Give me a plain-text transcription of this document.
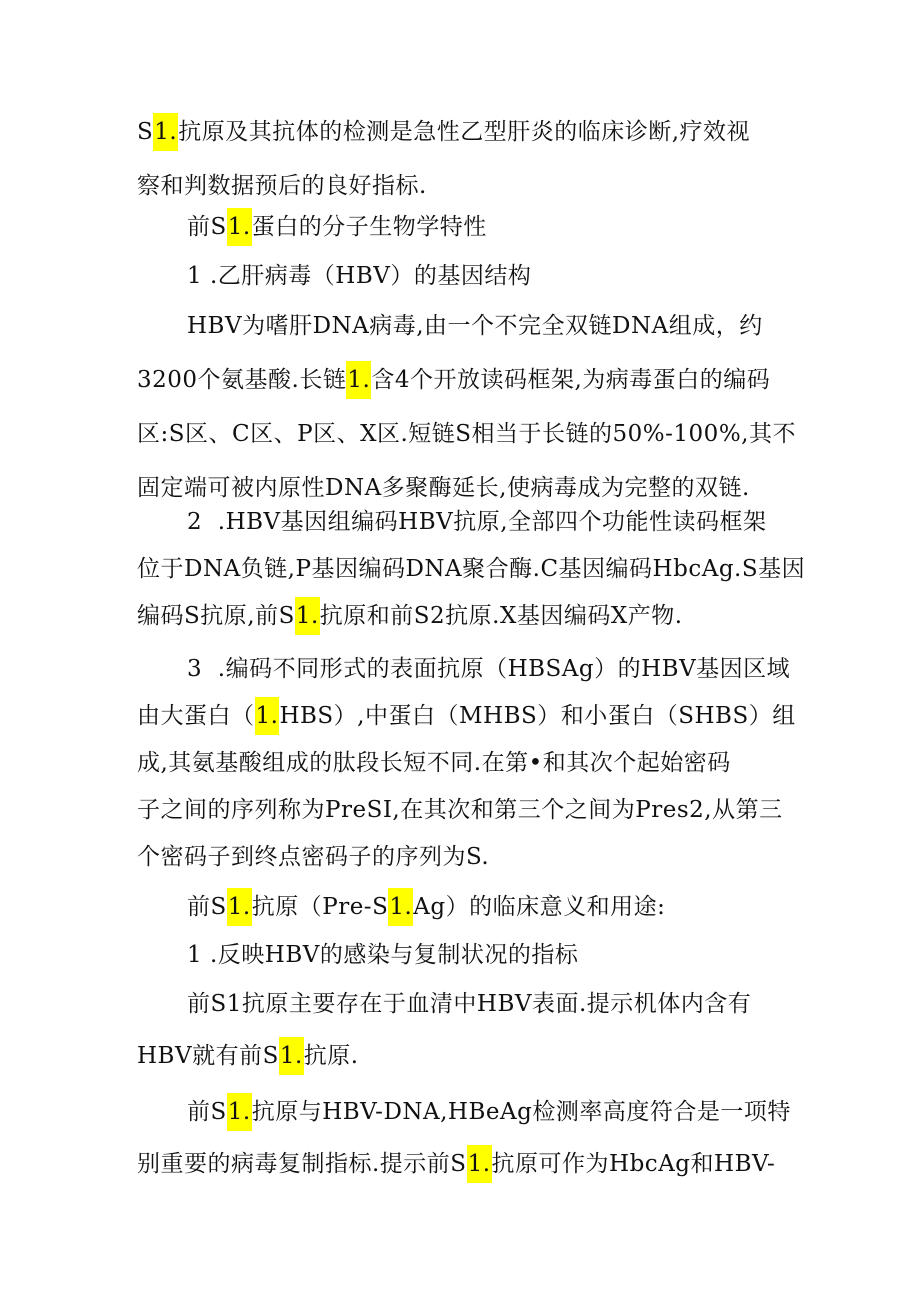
S1.抗原及其抗体的检测是急性乙型肝炎的临床诊断,疗效视
察和判数据预后的良好指标.
前S1.蛋白的分子生物学特性
1 .乙肝病毒（HBV）的基因结构
HBV为嗜肝DNA病毒,由一个不完全双链DNA组成，约
3200个氨基酸.长链1.含4个开放读码框架,为病毒蛋白的编码
区:S区、C区、P区、X区.短链S相当于长链的50%-100%,其不
固定端可被内原性DNA多聚酶延长,使病毒成为完整的双链.
2  .HBV基因组编码HBV抗原,全部四个功能性读码框架
位于DNA负链,P基因编码DNA聚合酶.C基因编码HbcAg.S基因
编码S抗原,前S1.抗原和前S2抗原.X基因编码X产物.
3  .编码不同形式的表面抗原（HBSAg）的HBV基因区域
由大蛋白（1.HBS）,中蛋白（MHBS）和小蛋白（SHBS）组
成,其氨基酸组成的肽段长短不同.在第•和其次个起始密码
子之间的序列称为PreSI,在其次和第三个之间为Pres2,从第三
个密码子到终点密码子的序列为S.
前S1.抗原（Pre-S1.Ag）的临床意义和用途:
1 .反映HBV的感染与复制状况的指标
前S1抗原主要存在于血清中HBV表面.提示机体内含有
HBV就有前S1.抗原.
前S1.抗原与HBV-DNA,HBeAg检测率高度符合是一项特
别重要的病毒复制指标.提示前S1.抗原可作为HbcAg和HBV-
